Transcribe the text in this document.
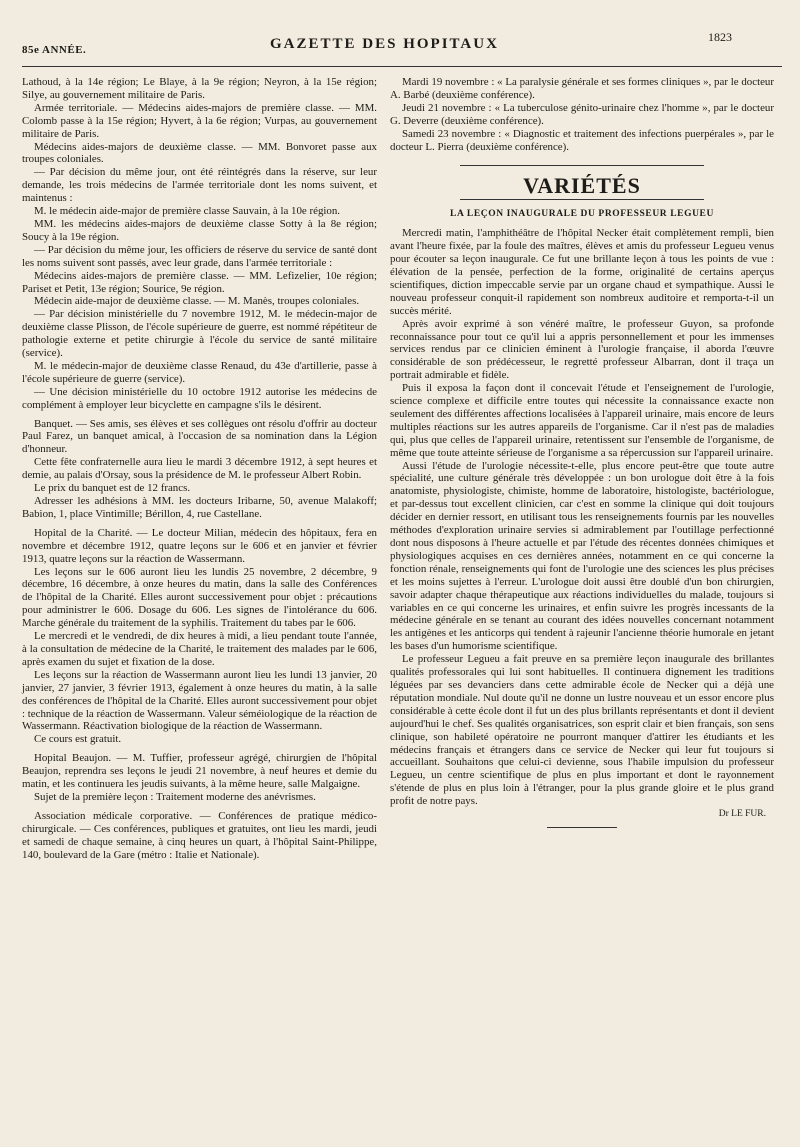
85e ANNÉE.	GAZETTE DES HOPITAUX	1823

Lathoud, à la 14e région; Le Blaye, à la 9e région; Neyron, à la 15e région; Silye, au gouvernement militaire de Paris.

Armée territoriale. — Médecins aides-majors de première classe. — MM. Colomb passe à la 15e région; Hyvert, à la 6e région; Vurpas, au gouvernement militaire de Paris.

Médecins aides-majors de deuxième classe. — MM. Bonvoret passe aux troupes coloniales.

— Par décision du même jour, ont été réintégrés dans la réserve, sur leur demande, les trois médecins de l'armée territoriale dont les noms suivent, et maintenus :

M. le médecin aide-major de première classe Sauvain, à la 10e région.

MM. les médecins aides-majors de deuxième classe Sotty à la 8e région; Soucy à la 19e région.

— Par décision du même jour, les officiers de réserve du service de santé dont les noms suivent sont passés, avec leur grade, dans l'armée territoriale :

Médecins aides-majors de première classe. — MM. Lefizelier, 10e région; Pariset et Petit, 13e région; Sourice, 9e région.

Médecin aide-major de deuxième classe. — M. Manès, troupes coloniales.

— Par décision ministérielle du 7 novembre 1912, M. le médecin-major de deuxième classe Plisson, de l'école supérieure de guerre, est nommé répétiteur de pathologie externe et petite chirurgie à l'école du service de santé militaire (service).

M. le médecin-major de deuxième classe Renaud, du 43e d'artillerie, passe à l'école supérieure de guerre (service).

— Une décision ministérielle du 10 octobre 1912 autorise les médecins de complément à employer leur bicyclette en campagne s'ils le désirent.

Banquet. — Ses amis, ses élèves et ses collègues ont résolu d'offrir au docteur Paul Farez, un banquet amical, à l'occasion de sa nomination dans la Légion d'honneur.

Cette fête confraternelle aura lieu le mardi 3 décembre 1912, à sept heures et demie, au palais d'Orsay, sous la présidence de M. le professeur Albert Robin.

Le prix du banquet est de 12 francs.

Adresser les adhésions à MM. les docteurs Iribarne, 50, avenue Malakoff; Babion, 1, place Vintimille; Bérillon, 4, rue Castellane.

Hopital de la Charité. — Le docteur Milian, médecin des hôpitaux, fera en novembre et décembre 1912, quatre leçons sur le 606 et en janvier et février 1913, quatre leçons sur la réaction de Wassermann.

Les leçons sur le 606 auront lieu les lundis 25 novembre, 2 décembre, 9 décembre, 16 décembre, à onze heures du matin, dans la salle des Conférences de l'hôpital de la Charité. Elles auront successivement pour objet : précautions pour administrer le 606. Dosage du 606. Les signes de l'intolérance du 606. Marche générale du traitement de la syphilis. Traitement du tabes par le 606.

Le mercredi et le vendredi, de dix heures à midi, a lieu pendant toute l'année, à la consultation de médecine de la Charité, le traitement des malades par le 606, après examen du sujet et fixation de la dose.

Les leçons sur la réaction de Wassermann auront lieu les lundi 13 janvier, 20 janvier, 27 janvier, 3 février 1913, également à onze heures du matin, à la salle des conférences de l'hôpital de la Charité. Elles auront successivement pour objet : technique de la réaction de Wassermann. Valeur séméiologique de la réaction de Wassermann. Réactivation biologique de la réaction de Wassermann.

Ce cours est gratuit.

Hopital Beaujon. — M. Tuffier, professeur agrégé, chirurgien de l'hôpital Beaujon, reprendra ses leçons le jeudi 21 novembre, à neuf heures et demie du matin, et les continuera les jeudis suivants, à la même heure, salle Malgaigne.

Sujet de la première leçon : Traitement moderne des anévrismes.

Association médicale corporative. — Conférences de pratique médico-chirurgicale. — Ces conférences, publiques et gratuites, ont lieu les mardi, jeudi et samedi de chaque semaine, à cinq heures un quart, à l'hôpital Saint-Philippe, 140, boulevard de la Gare (métro : Italie et Nationale).

Mardi 19 novembre : « La paralysie générale et ses formes cliniques », par le docteur A. Barbé (deuxième conférence).

Jeudi 21 novembre : « La tuberculose génito-urinaire chez l'homme », par le docteur G. Deverre (deuxième conférence).

Samedi 23 novembre : « Diagnostic et traitement des infections puerpérales », par le docteur L. Pierra (deuxième conférence).

VARIÉTÉS
LA LEÇON INAUGURALE DU PROFESSEUR LEGUEU

Mercredi matin, l'amphithéâtre de l'hôpital Necker était complètement rempli, bien avant l'heure fixée, par la foule des maîtres, élèves et amis du professeur Legueu venus pour écouter sa leçon inaugurale. Ce fut une brillante leçon à tous les points de vue : élévation de la pensée, perfection de la forme, originalité de certains aperçus scientifiques, diction impeccable servie par un organe chaud et sympathique. Aussi le nouveau professeur conquit-il rapidement son nombreux auditoire et remporta-t-il un succès mérité.

Après avoir exprimé à son vénéré maître, le professeur Guyon, sa profonde reconnaissance pour tout ce qu'il lui a appris personnellement et pour les immenses services rendus par ce clinicien éminent à l'urologie française, il aborda l'œuvre considérable de son prédécesseur, le regretté professeur Albarran, dont il traça un portrait admirable et fidèle.

Puis il exposa la façon dont il concevait l'étude et l'enseignement de l'urologie, science complexe et difficile entre toutes qui nécessite la connaissance exacte non seulement des différentes affections localisées à l'appareil urinaire, mais encore de leurs multiples réactions sur les autres appareils de l'organisme. Car il n'est pas de maladies qui, plus que celles de l'appareil urinaire, retentissent sur l'ensemble de l'organisme, de même que toute atteinte sérieuse de l'organisme a sa répercussion sur l'appareil urinaire.

Aussi l'étude de l'urologie nécessite-t-elle, plus encore peut-être que toute autre spécialité, une culture générale très développée : un bon urologue doit être à la fois anatomiste, physiologiste, chimiste, homme de laboratoire, histologiste, bactériologue, et par-dessus tout excellent clinicien, car c'est en somme la clinique qui doit toujours décider en dernier ressort, en utilisant tous les renseignements fournis par les nouvelles méthodes d'exploration urinaire servies si admirablement par l'outillage perfectionné dont nous disposons à l'heure actuelle et par l'étude des récentes données chimiques et physiologiques acquises en ces dernières années, notamment en ce qui concerne la fonction rénale, renseignements qui font de l'urologie une des sciences les plus précises et les moins sujettes à l'erreur. L'urologue doit aussi être doublé d'un bon chirurgien, savoir adapter chaque thérapeutique aux réactions individuelles du malade, toujours si variables en ce qui concerne les urinaires, et enfin suivre les progrès incessants de la médecine générale en se tenant au courant des idées nouvelles concernant notamment les antigènes et les anticorps qui tendent à rajeunir l'ancienne théorie humorale en jetant les bases d'un humorisme scientifique.

Le professeur Legueu a fait preuve en sa première leçon inaugurale des brillantes qualités professorales qui lui sont habituelles. Il continuera dignement les traditions léguées par ses devanciers dans cette admirable école de Necker qui a déjà une réputation mondiale. Nul doute qu'il ne donne un lustre nouveau et un essor encore plus considérable à cette école dont il fut un des plus brillants représentants et dont il devient aujourd'hui le chef. Ses qualités organisatrices, son esprit clair et bien français, son sens clinique, son habileté opératoire ne pourront manquer d'attirer les étudiants et les médecins français et étrangers dans ce service de Necker qui leur fut toujours si accueillant. Souhaitons que celui-ci devienne, sous l'habile impulsion du professeur Legueu, un centre scientifique de plus en plus important et dont le rayonnement s'étende de plus en plus loin à l'étranger, pour la plus grande gloire et le plus grand profit de notre pays.

Dr LE FUR.
